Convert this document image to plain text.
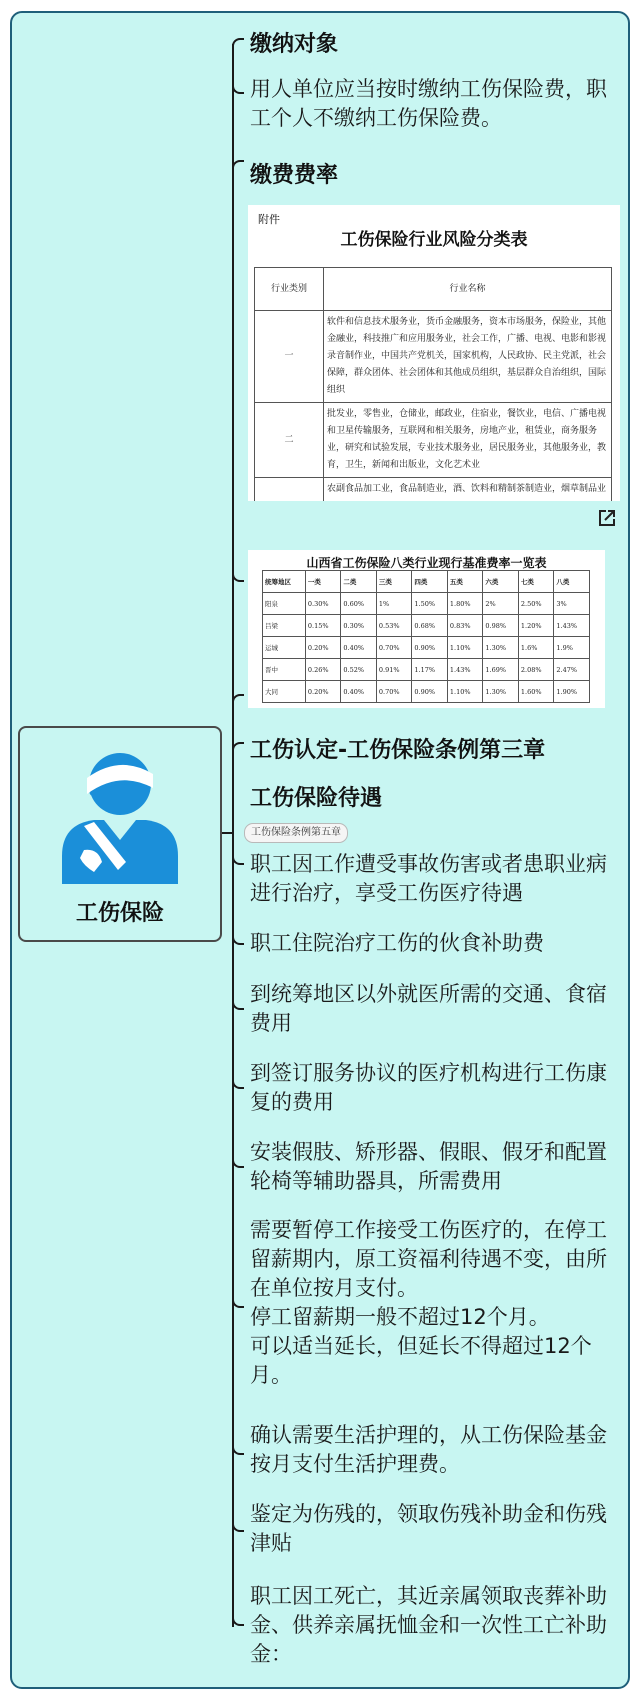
工伤保险
缴纳对象
用人单位应当按时缴纳工伤保险费，职工个人不缴纳工伤保险费。
缴费费率
附件
工伤保险行业风险分类表
行业类别	行业名称
一	软件和信息技术服务业，货币金融服务，资本市场服务，保险业，其他金融业，科技推广和应用服务业，社会工作，广播、电视、电影和影视录音制作业，中国共产党机关，国家机构，人民政协、民主党派，社会保障，群众团体、社会团体和其他成员组织，基层群众自治组织，国际组织
二	批发业，零售业，仓储业，邮政业，住宿业，餐饮业，电信、广播电视和卫星传输服务，互联网和相关服务，房地产业，租赁业，商务服务业，研究和试验发展，专业技术服务业，居民服务业，其他服务业，教育，卫生，新闻和出版业，文化艺术业
	农副食品加工业，食品制造业，酒、饮料和精制茶制造业，烟草制品业
山西省工伤保险八类行业现行基准费率一览表
统筹地区	一类	二类	三类	四类	五类	六类	七类	八类
阳泉	0.30%	0.60%	1%	1.50%	1.80%	2%	2.50%	3%
吕梁	0.15%	0.30%	0.53%	0.68%	0.83%	0.98%	1.20%	1.43%
运城	0.20%	0.40%	0.70%	0.90%	1.10%	1.30%	1.6%	1.9%
晋中	0.26%	0.52%	0.91%	1.17%	1.43%	1.69%	2.08%	2.47%
大同	0.20%	0.40%	0.70%	0.90%	1.10%	1.30%	1.60%	1.90%
工伤认定-工伤保险条例第三章
工伤保险待遇
工伤保险条例第五章
职工因工作遭受事故伤害或者患职业病进行治疗，享受工伤医疗待遇
职工住院治疗工伤的伙食补助费
到统筹地区以外就医所需的交通、食宿费用
到签订服务协议的医疗机构进行工伤康复的费用
安装假肢、矫形器、假眼、假牙和配置轮椅等辅助器具，所需费用

需要暂停工作接受工伤医疗的，在停工留薪期内，原工资福利待遇不变，由所在单位按月支付。

停工留薪期一般不超过12个月。

可以适当延长，但延长不得超过12个月。

确认需要生活护理的，从工伤保险基金按月支付生活护理费。
鉴定为伤残的，领取伤残补助金和伤残津贴
职工因工死亡，其近亲属领取丧葬补助金、供养亲属抚恤金和一次性工亡补助金：
